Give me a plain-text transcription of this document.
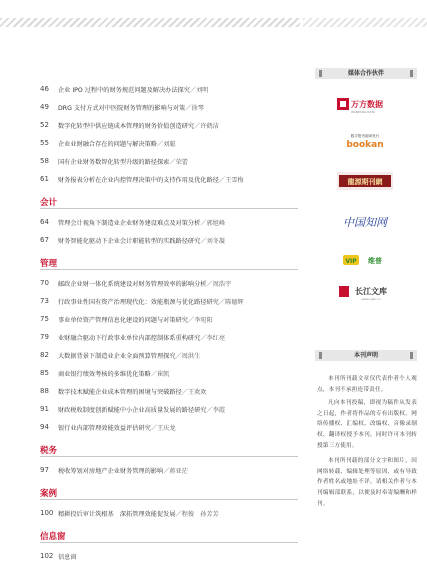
46	企业 IPO 过程中的财务规范问题及解决办法探究／刘明
49	DRG 支付方式对中医院财务管理的影响与对策／徐琴
52	数字化转型中供应链成本管理的财务价值创造研究／许鹤洁
55	企业业财融合存在的问题与解决策略／刘聪
58	国有企业财务数智化转型升级的路径探索／荣蕾
61	财务报表分析在企业内控管理决策中的支持作用及优化路径／王雪梅
会计
64	管理会计视角下制造业企业财务建设难点及对策分析／郭旭峰
67	财务智能化驱动下企业会计职能转型的实践路径研究／刘冬凝
管理
70	邮政企业财一体化系统建设对财务管理效率的影响分析／周浩宇
73	行政事业性国有资产治理现代化：效能瓶颈与优化路径研究／陈德辉
75	事业单位资产管理信息化建设的问题与对策研究／李宛阳
79	业财融合驱动下行政事业单位内部控制体系重构研究／李红亮
82	大数据背景下制造业企业全面预算管理探究／周洪生
85	商业银行绩效考核的多维优化策略／崔凯
88	数字技术赋能企业成本管理的困境与突破路径／王欢欢
91	财政税收制度创新赋能中小企业高质量发展的路径研究／李霞
94	银行业内部管理效能效益评估研究／王庆龙
税务
97	税收筹划对房地产企业财务管理的影响／蒋亚茫
案例
100 精耕投后审计筑根基　深拓管理效能促发展／程俊　孙芳芳
信息窗
102 信息窗
媒体合作伙伴
万方数据
WANFANG DATA
数字报刊阅读发行
bookan
龍源期刊網
中国知网
VIP 维普
长江文库
www.cjwk.cn
本刊声明

本刊所刊载文章仅代表作者个人观点，本刊不承担连带责任。

凡向本刊投稿，即视为稿件从发表之日起，作者将作品的专有出版权、网络传播权、汇编权、改编权、音像录制权、翻译权授予本刊，同时许可本刊转授第三方使用。

本刊所刊载的部分文字和图片，因网络转载、编辑处理等原因，或有导致作者姓名或地址不详，请相关作者与本刊编辑部联系，以便及时奉寄编酬和样刊。
